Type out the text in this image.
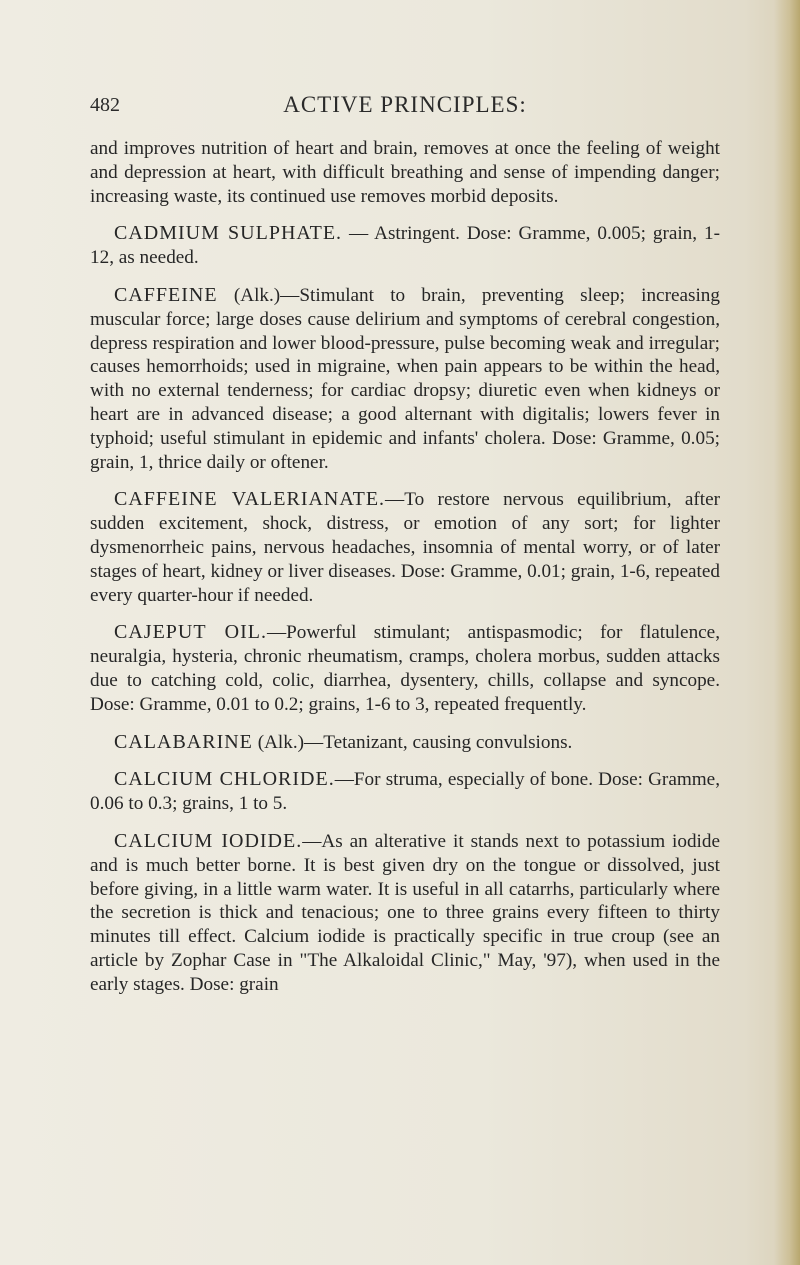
482	ACTIVE PRINCIPLES:

and improves nutrition of heart and brain, removes at once the feeling of weight and depression at heart, with difficult breathing and sense of impending danger; increasing waste, its continued use removes morbid deposits.

CADMIUM SULPHATE. — Astringent. Dose: Gramme, 0.005; grain, 1-12, as needed.

CAFFEINE (Alk.)—Stimulant to brain, preventing sleep; increasing muscular force; large doses cause delirium and symptoms of cerebral congestion, depress respiration and lower blood-pressure, pulse becoming weak and irregular; causes hemorrhoids; used in migraine, when pain appears to be within the head, with no external tenderness; for cardiac dropsy; diuretic even when kidneys or heart are in advanced disease; a good alternant with digitalis; lowers fever in typhoid; useful stimulant in epidemic and infants' cholera. Dose: Gramme, 0.05; grain, 1, thrice daily or oftener.

CAFFEINE VALERIANATE.—To restore nervous equilibrium, after sudden excitement, shock, distress, or emotion of any sort; for lighter dysmenorrheic pains, nervous headaches, insomnia of mental worry, or of later stages of heart, kidney or liver diseases. Dose: Gramme, 0.01; grain, 1-6, repeated every quarter-hour if needed.

CAJEPUT OIL.—Powerful stimulant; antispasmodic; for flatulence, neuralgia, hysteria, chronic rheumatism, cramps, cholera morbus, sudden attacks due to catching cold, colic, diarrhea, dysentery, chills, collapse and syncope. Dose: Gramme, 0.01 to 0.2; grains, 1-6 to 3, repeated frequently.

CALABARINE (Alk.)—Tetanizant, causing convulsions.

CALCIUM CHLORIDE.—For struma, especially of bone. Dose: Gramme, 0.06 to 0.3; grains, 1 to 5.

CALCIUM IODIDE.—As an alterative it stands next to potassium iodide and is much better borne. It is best given dry on the tongue or dissolved, just before giving, in a little warm water. It is useful in all catarrhs, particularly where the secretion is thick and tenacious; one to three grains every fifteen to thirty minutes till effect. Calcium iodide is practically specific in true croup (see an article by Zophar Case in "The Alkaloidal Clinic," May, '97), when used in the early stages. Dose: grain
